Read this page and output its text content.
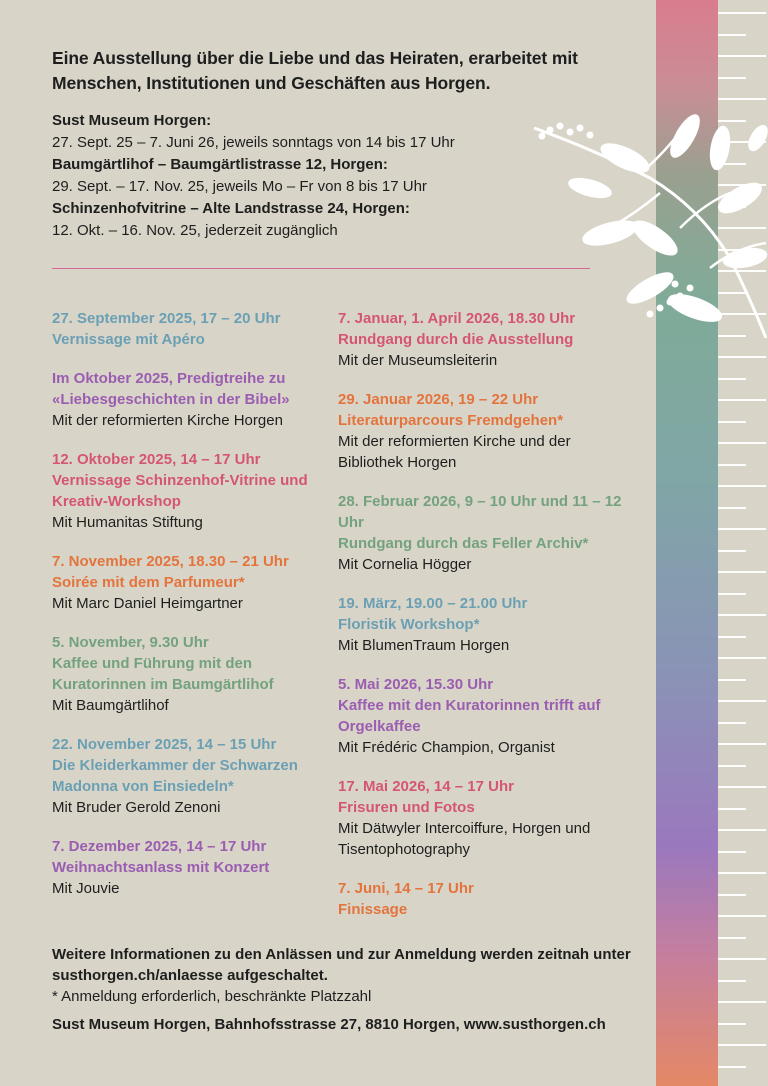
Eine Ausstellung über die Liebe und das Heiraten, erarbeitet mit Menschen, Institutionen und Geschäften aus Horgen.
Sust Museum Horgen:
27. Sept. 25 – 7. Juni 26, jeweils sonntags von 14 bis 17 Uhr
Baumgärtlihof – Baumgärtlistrasse 12, Horgen:
29. Sept. – 17. Nov. 25, jeweils Mo – Fr von 8 bis 17 Uhr
Schinzenhofvitrine – Alte Landstrasse 24, Horgen:
12. Okt. – 16. Nov. 25, jederzeit zugänglich
27. September 2025, 17 – 20 Uhr
Vernissage mit Apéro
Im Oktober 2025, Predigtreihe zu «Liebesgeschichten in der Bibel»
Mit der reformierten Kirche Horgen
12. Oktober 2025, 14 – 17 Uhr
Vernissage Schinzenhof-Vitrine und Kreativ-Workshop
Mit Humanitas Stiftung
7. November 2025, 18.30 – 21 Uhr
Soirée mit dem Parfumeur*
Mit Marc Daniel Heimgartner
5. November, 9.30 Uhr
Kaffee und Führung mit den Kuratorinnen im Baumgärtlihof
Mit Baumgärtlihof
22. November 2025, 14 – 15 Uhr
Die Kleiderkammer der Schwarzen Madonna von Einsiedeln*
Mit Bruder Gerold Zenoni
7. Dezember 2025, 14 – 17 Uhr
Weihnachtsanlass mit Konzert
Mit Jouvie
7. Januar, 1. April 2026, 18.30 Uhr
Rundgang durch die Ausstellung
Mit der Museumsleiterin
29. Januar 2026, 19 – 22 Uhr
Literaturparcours Fremdgehen*
Mit der reformierten Kirche und der Bibliothek Horgen
28. Februar 2026, 9 – 10 Uhr und 11 – 12 Uhr
Rundgang durch das Feller Archiv*
Mit Cornelia Högger
19. März, 19.00 – 21.00 Uhr
Floristik Workshop*
Mit BlumenTraum Horgen
5. Mai 2026, 15.30 Uhr
Kaffee mit den Kuratorinnen trifft auf Orgelkaffee
Mit Frédéric Champion, Organist
17. Mai 2026, 14 – 17 Uhr
Frisuren und Fotos
Mit Dätwyler Intercoiffure, Horgen und Tisentophotography
7. Juni, 14 – 17 Uhr
Finissage
Weitere Informationen zu den Anlässen und zur Anmeldung werden zeitnah unter susthorgen.ch/anlaesse aufgeschaltet.
* Anmeldung erforderlich, beschränkte Platzzahl
Sust Museum Horgen, Bahnhofsstrasse 27, 8810 Horgen, www.susthorgen.ch
